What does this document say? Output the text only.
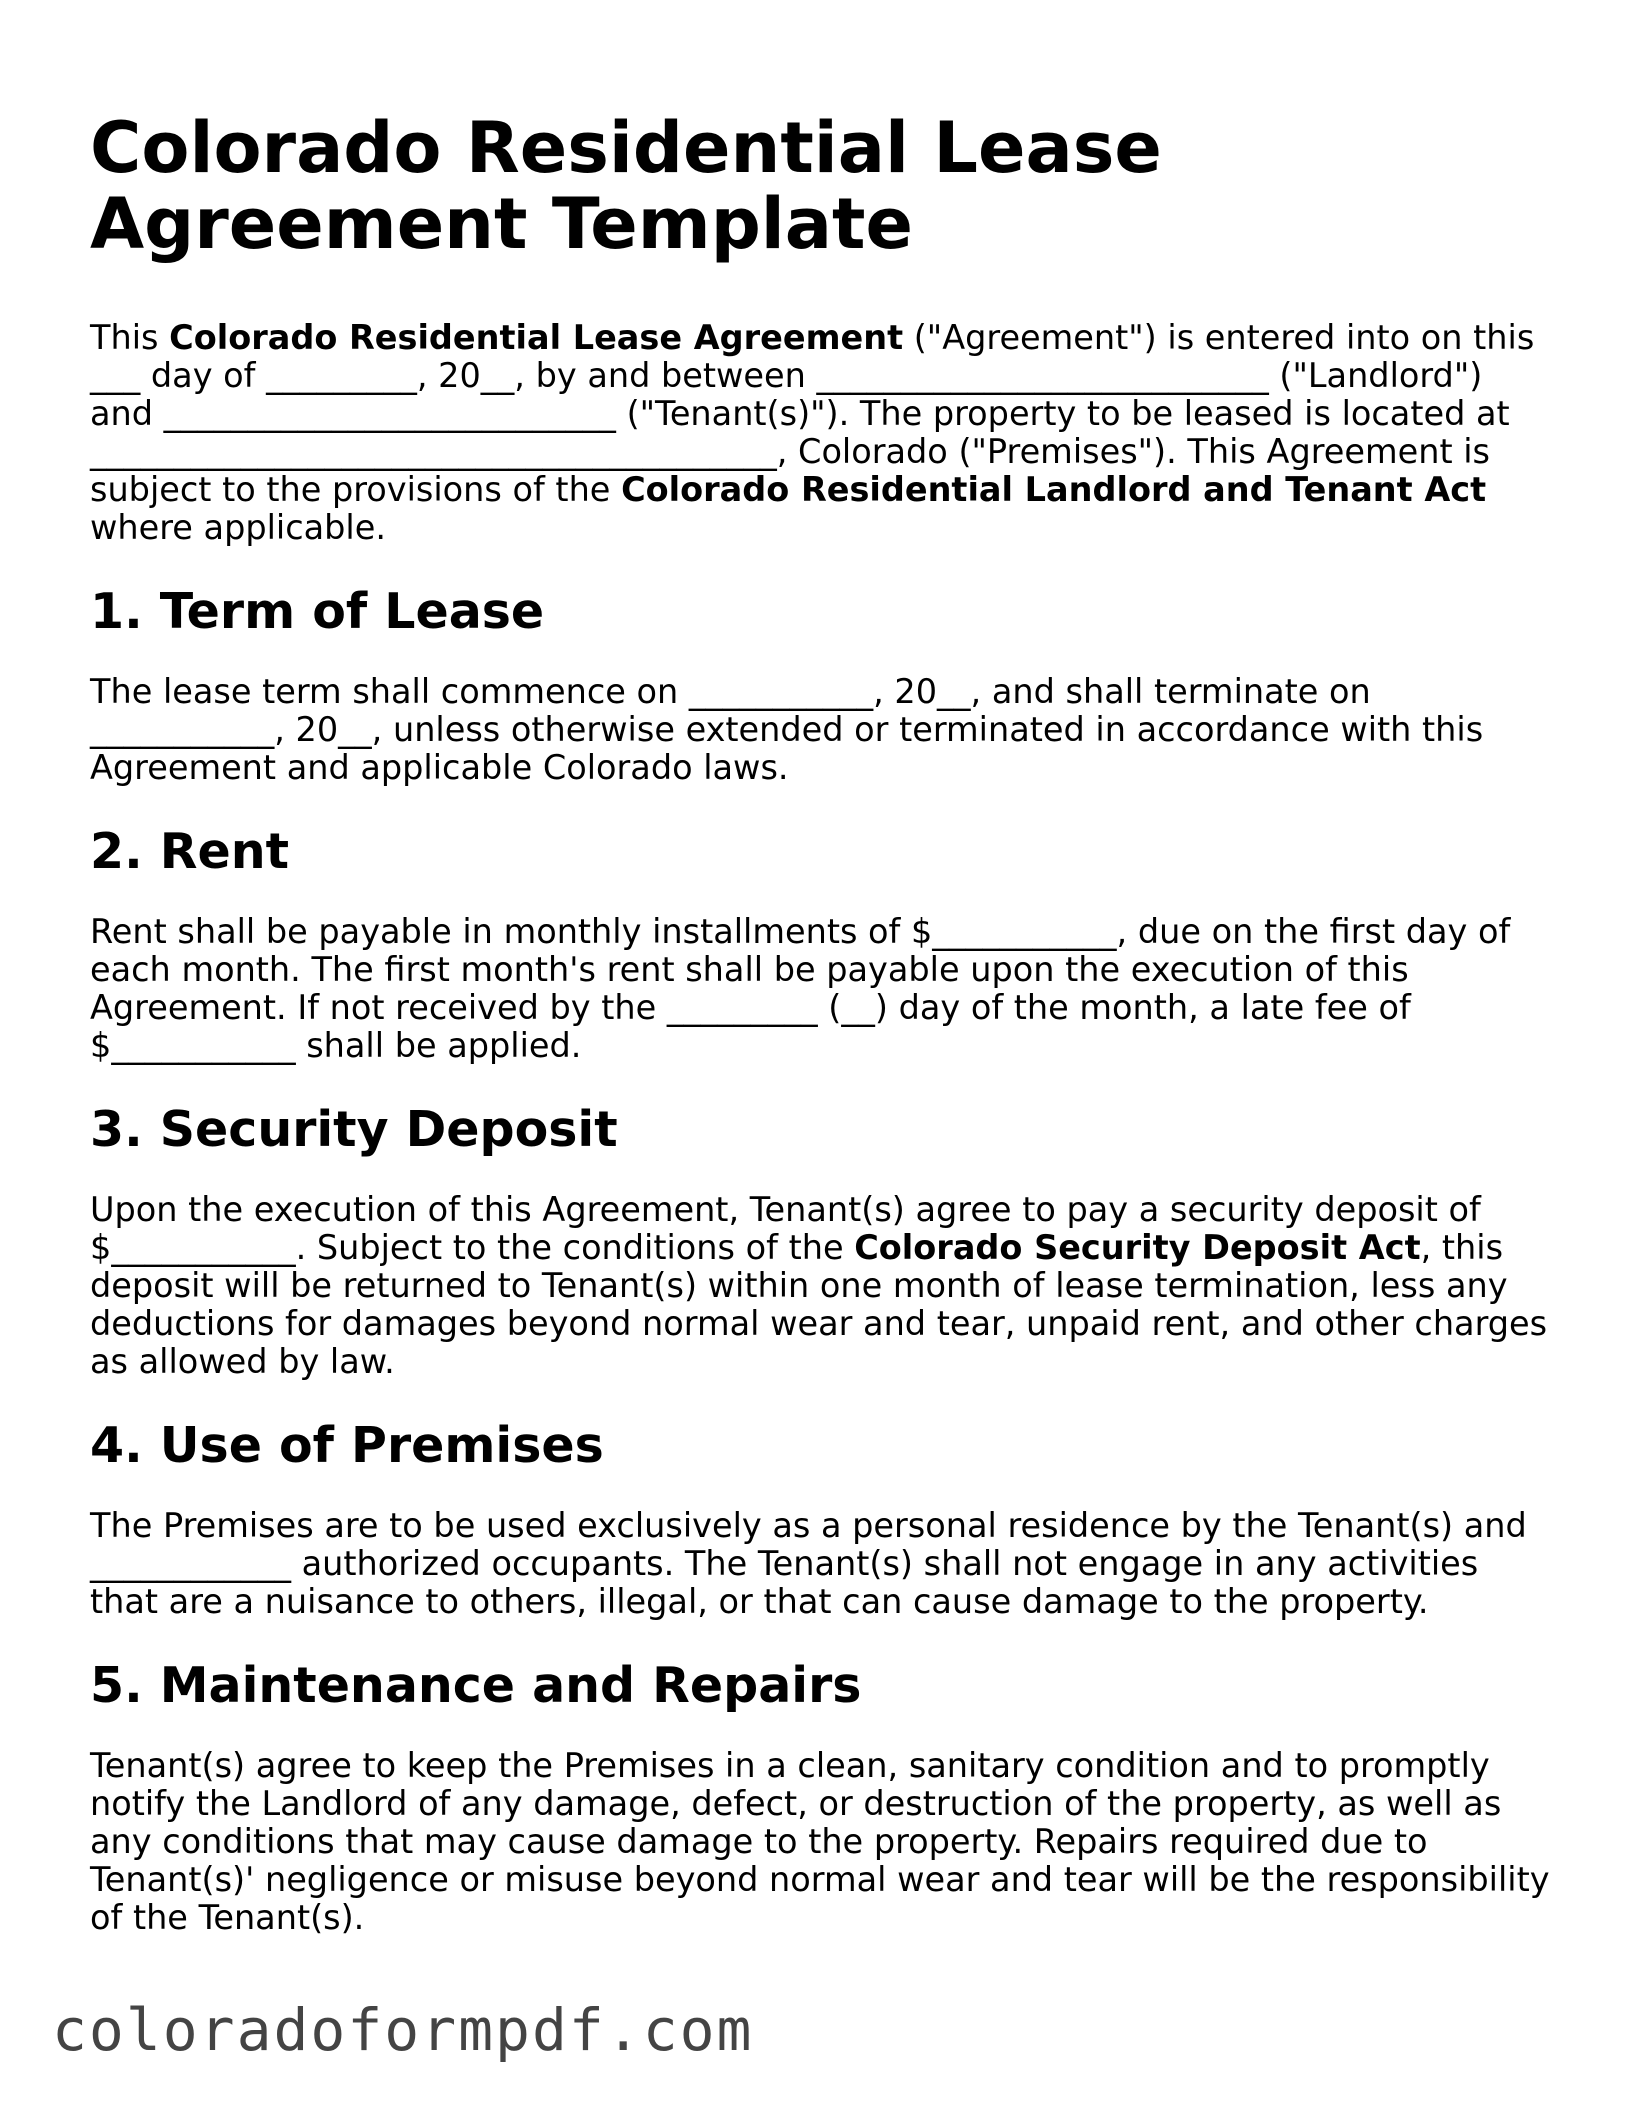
Colorado Residential Lease Agreement Template

This Colorado Residential Lease Agreement ("Agreement") is entered into on this ___ day of _________, 20__, by and between ___________________________ ("Landlord") and ___________________________ ("Tenant(s)"). The property to be leased is located at _________________________________________, Colorado ("Premises"). This Agreement is subject to the provisions of the Colorado Residential Landlord and Tenant Act where applicable.

1. Term of Lease

The lease term shall commence on ___________, 20__, and shall terminate on ___________, 20__, unless otherwise extended or terminated in accordance with this Agreement and applicable Colorado laws.

2. Rent

Rent shall be payable in monthly installments of $___________, due on the first day of each month. The first month's rent shall be payable upon the execution of this Agreement. If not received by the _________ (__) day of the month, a late fee of $___________ shall be applied.

3. Security Deposit

Upon the execution of this Agreement, Tenant(s) agree to pay a security deposit of $___________. Subject to the conditions of the Colorado Security Deposit Act, this deposit will be returned to Tenant(s) within one month of lease termination, less any deductions for damages beyond normal wear and tear, unpaid rent, and other charges as allowed by law.

4. Use of Premises

The Premises are to be used exclusively as a personal residence by the Tenant(s) and ____________ authorized occupants. The Tenant(s) shall not engage in any activities that are a nuisance to others, illegal, or that can cause damage to the property.

5. Maintenance and Repairs

Tenant(s) agree to keep the Premises in a clean, sanitary condition and to promptly notify the Landlord of any damage, defect, or destruction of the property, as well as any conditions that may cause damage to the property. Repairs required due to Tenant(s)' negligence or misuse beyond normal wear and tear will be the responsibility of the Tenant(s).

coloradoformpdf.com
